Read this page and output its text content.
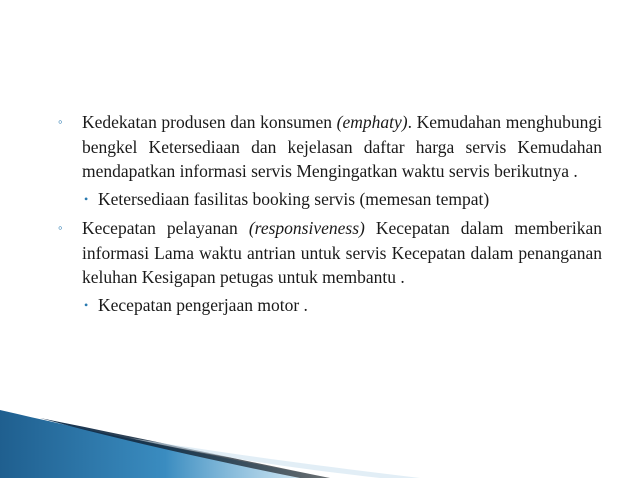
◦ Kedekatan produsen dan konsumen (emphaty). Kemudahan menghubungi bengkel Ketersediaan dan kejelasan daftar harga servis Kemudahan mendapatkan informasi servis Mengingatkan waktu servis berikutnya .
• Ketersediaan fasilitas booking servis (memesan tempat)
◦ Kecepatan pelayanan (responsiveness) Kecepatan dalam memberikan informasi Lama waktu antrian untuk servis Kecepatan dalam penanganan keluhan Kesigapan petugas untuk membantu .
• Kecepatan pengerjaan motor .
